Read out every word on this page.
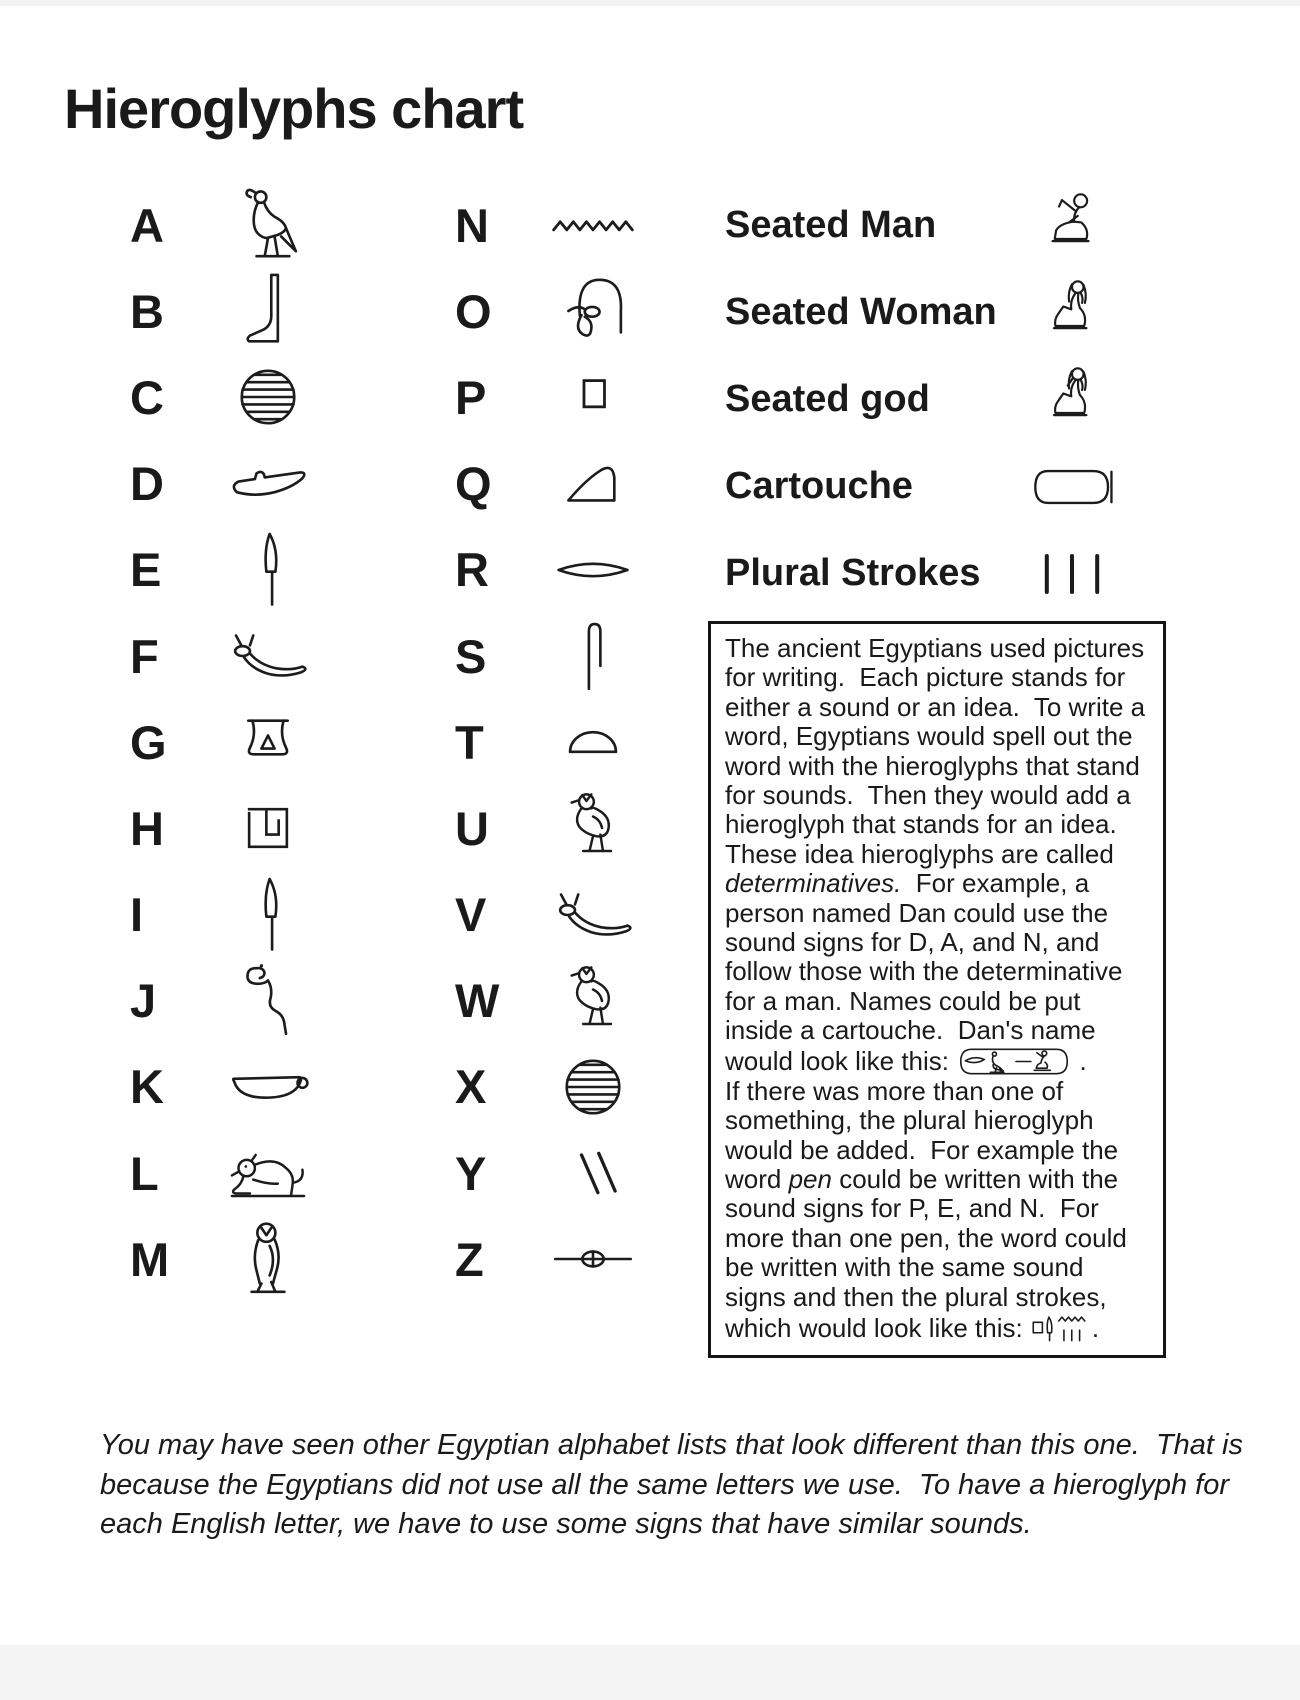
Hieroglyphs chart
A
B
C
D
E
F
G
H
I
J
K
L
M
N
O
P
Q
R
S
T
U
V
W
X
Y
Z
Seated Man
Seated Woman
Seated god
Cartouche
Plural Strokes
The ancient Egyptians used pictures
for writing.  Each picture stands for
either a sound or an idea.  To write a
word, Egyptians would spell out the
word with the hieroglyphs that stand
for sounds.  Then they would add a
hieroglyph that stands for an idea.
These idea hieroglyphs are called
determinatives.  For example, a
person named Dan could use the
sound signs for D, A, and N, and
follow those with the determinative
for a man. Names could be put
inside a cartouche.  Dan's name
would look like this:	.
If there was more than one of
something, the plural hieroglyph
would be added.  For example the
word pen could be written with the
sound signs for P, E, and N.  For
more than one pen, the word could
be written with the same sound
signs and then the plural strokes,
which would look like this: .
You may have seen other Egyptian alphabet lists that look different than this one.  That is
because the Egyptians did not use all the same letters we use.  To have a hieroglyph for
each English letter, we have to use some signs that have similar sounds.
